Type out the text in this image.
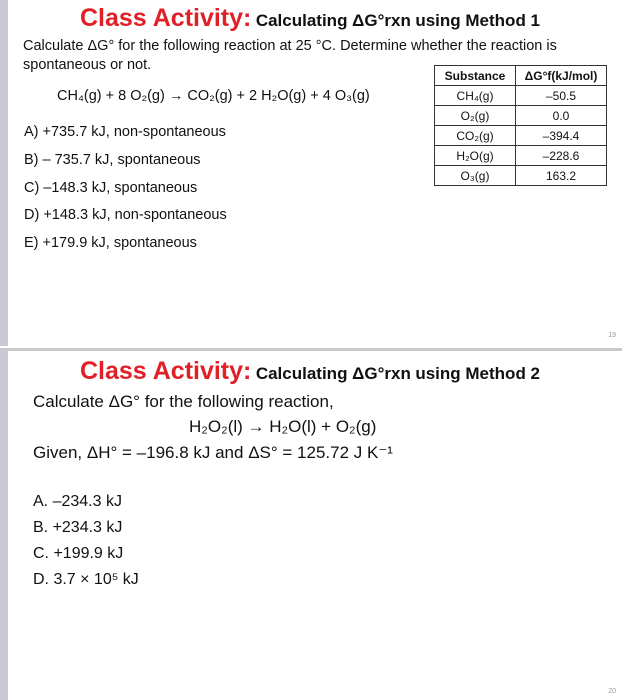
Class Activity: Calculating ΔG°rxn using Method 1
Calculate ΔG° for the following reaction at 25 °C. Determine whether the reaction is
spontaneous or not.
CH₄(g) + 8 O₂(g) → CO₂(g) + 2 H₂O(g) + 4 O₃(g)
A) +735.7 kJ, non-spontaneous
B) – 735.7 kJ, spontaneous
C) –148.3 kJ, spontaneous
D) +148.3 kJ, non-spontaneous
E) +179.9 kJ, spontaneous
Substance	ΔG°f(kJ/mol)
CH₄(g)	–50.5
O₂(g)	0.0
CO₂(g)	–394.4
H₂O(g)	–228.6
O₃(g)	163.2
19
Class Activity: Calculating ΔG°rxn using Method 2
Calculate ΔG° for the following reaction,
H₂O₂(l) → H₂O(l) + O₂(g)
Given, ΔH° = –196.8 kJ and ΔS° = 125.72 J K⁻¹
A. –234.3 kJ
B. +234.3 kJ
C. +199.9 kJ
D. 3.7 × 10⁵ kJ
20
